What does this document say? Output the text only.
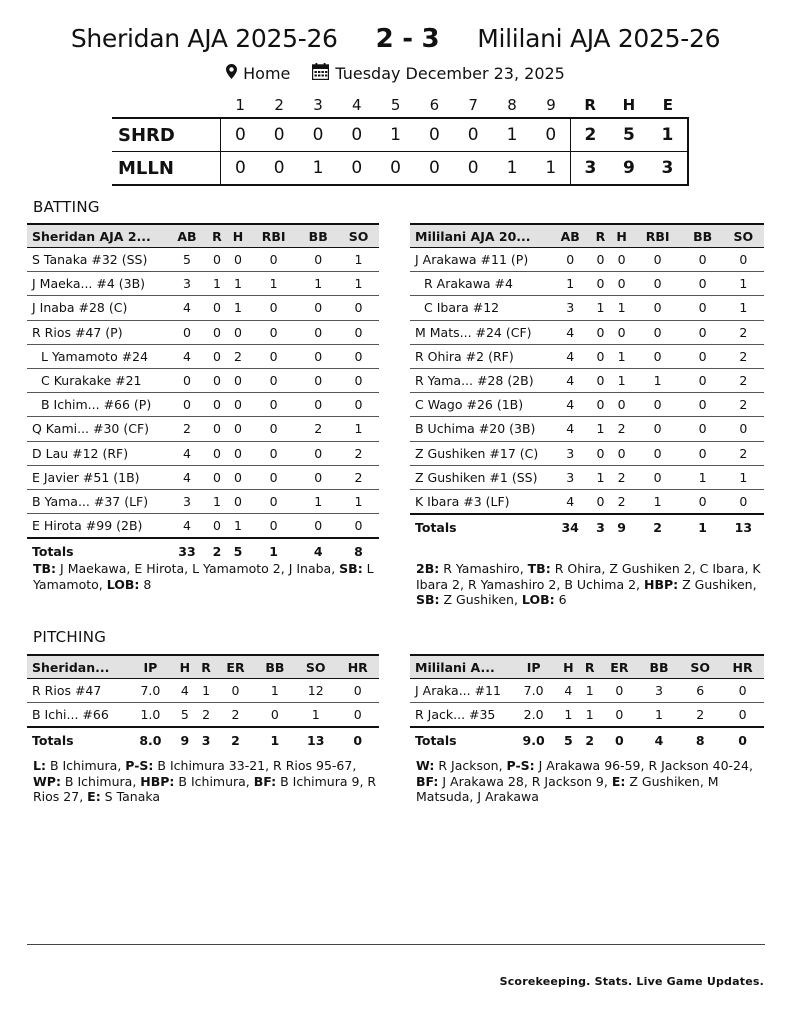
Sheridan AJA 2025-26 2 - 3 Mililani AJA 2025-26
Home	Tuesday December 23, 2025
	1	2	3	4	5	6	7	8	9	R	H	E
SHRD	0	0	0	0	1	0	0	1	0	2	5	1
MLLN	0	0	1	0	0	0	0	1	1	3	9	3
BATTING
Sheridan AJA 2...	AB	R	H	RBI	BB	SO
S Tanaka #32 (SS)	5	0	0	0	0	1
J Maeka... #4 (3B)	3	1	1	1	1	1
J Inaba #28 (C)	4	0	1	0	0	0
R Rios #47 (P)	0	0	0	0	0	0
L Yamamoto #24	4	0	2	0	0	0
C Kurakake #21	0	0	0	0	0	0
B Ichim... #66 (P)	0	0	0	0	0	0
Q Kami... #30 (CF)	2	0	0	0	2	1
D Lau #12 (RF)	4	0	0	0	0	2
E Javier #51 (1B)	4	0	0	0	0	2
B Yama... #37 (LF)	3	1	0	0	1	1
E Hirota #99 (2B)	4	0	1	0	0	0
Totals	33	2	5	1	4	8
Mililani AJA 20...	AB	R	H	RBI	BB	SO
J Arakawa #11 (P)	0	0	0	0	0	0
R Arakawa #4	1	0	0	0	0	1
C Ibara #12	3	1	1	0	0	1
M Mats... #24 (CF)	4	0	0	0	0	2
R Ohira #2 (RF)	4	0	1	0	0	2
R Yama... #28 (2B)	4	0	1	1	0	2
C Wago #26 (1B)	4	0	0	0	0	2
B Uchima #20 (3B)	4	1	2	0	0	0
Z Gushiken #17 (C)	3	0	0	0	0	2
Z Gushiken #1 (SS)	3	1	2	0	1	1
K Ibara #3 (LF)	4	0	2	1	0	0
Totals	34	3	9	2	1	13
TB: J Maekawa, E Hirota, L Yamamoto 2, J Inaba, SB: L Yamamoto, LOB: 8
2B: R Yamashiro, TB: R Ohira, Z Gushiken 2, C Ibara, K Ibara 2, R Yamashiro 2, B Uchima 2, HBP: Z Gushiken, SB: Z Gushiken, LOB: 6
PITCHING
Sheridan...	IP	H	R	ER	BB	SO	HR
R Rios #47	7.0	4	1	0	1	12	0
B Ichi... #66	1.0	5	2	2	0	1	0
Totals	8.0	9	3	2	1	13	0
Mililani A...	IP	H	R	ER	BB	SO	HR
J Araka... #11	7.0	4	1	0	3	6	0
R Jack... #35	2.0	1	1	0	1	2	0
Totals	9.0	5	2	0	4	8	0
L: B Ichimura, P-S: B Ichimura 33-21, R Rios 95-67, WP: B Ichimura, HBP: B Ichimura, BF: B Ichimura 9, R Rios 27, E: S Tanaka
W: R Jackson, P-S: J Arakawa 96-59, R Jackson 40-24, BF: J Arakawa 28, R Jackson 9, E: Z Gushiken, M Matsuda, J Arakawa
Scorekeeping. Stats. Live Game Updates.
